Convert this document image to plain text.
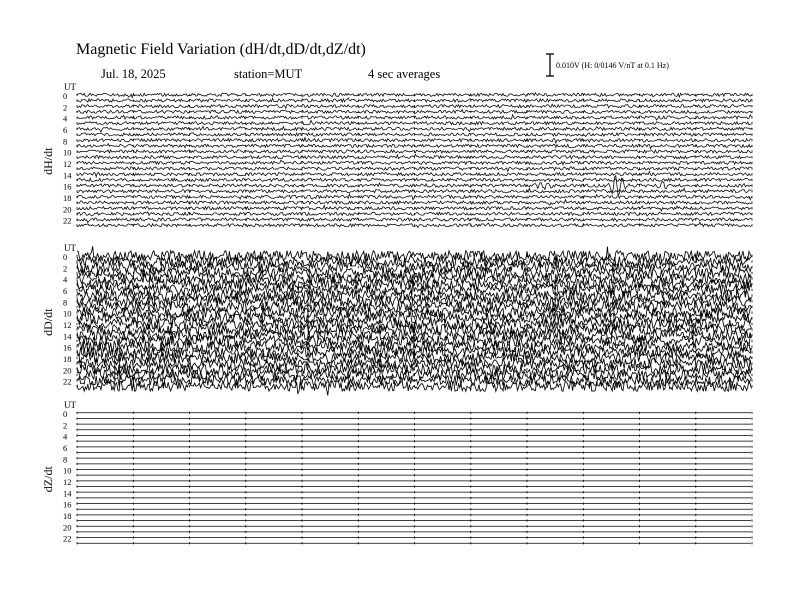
Magnetic Field Variation (dH/dt,dD/dt,dZ/dt)
Jul. 18, 2025	station=MUT	4 sec averages
0.010V (H: 0/0146 V/nT at 0.1 Hz)
UT
dH/dt
0
2
4
6
8
10
12
14
16
18
20
22
UT
dD/dt
0
2
4
6
8
10
12
14
16
18
20
22
UT
dZ/dt
0
2
4
6
8
10
12
14
16
18
20
22
